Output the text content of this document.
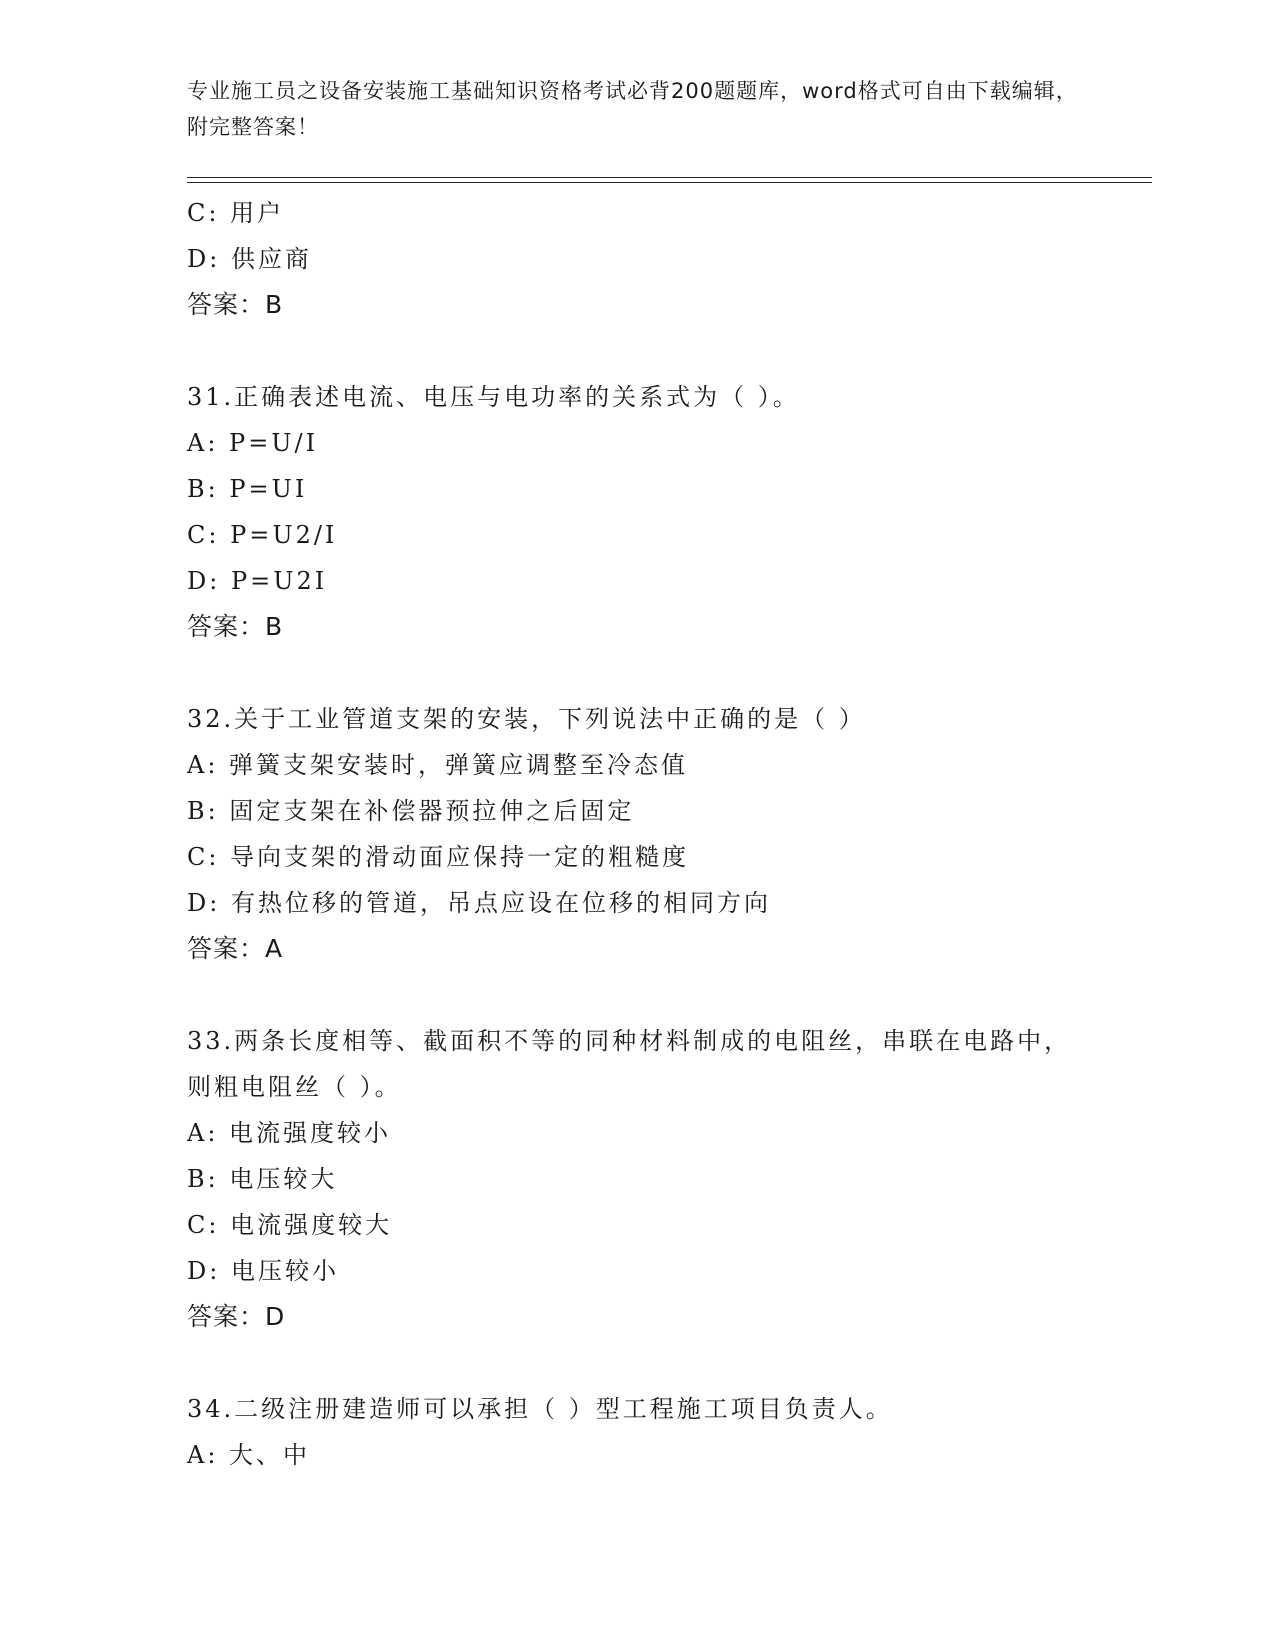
专业施工员之设备安装施工基础知识资格考试必背200题题库，word格式可自由下载编辑，附完整答案！
C: 用户
D: 供应商
答案：B
31.正确表述电流、电压与电功率的关系式为（ ）。
A: P=U/I
B: P=UI
C: P=U2/I
D: P=U2I
答案：B
32.关于工业管道支架的安装，下列说法中正确的是（ ）
A: 弹簧支架安装时，弹簧应调整至冷态值
B: 固定支架在补偿器预拉伸之后固定
C: 导向支架的滑动面应保持一定的粗糙度
D: 有热位移的管道，吊点应设在位移的相同方向
答案：A
33.两条长度相等、截面积不等的同种材料制成的电阻丝，串联在电路中，则粗电阻丝（ ）。
A: 电流强度较小
B: 电压较大
C: 电流强度较大
D: 电压较小
答案：D
34.二级注册建造师可以承担（ ）型工程施工项目负责人。
A: 大、中
